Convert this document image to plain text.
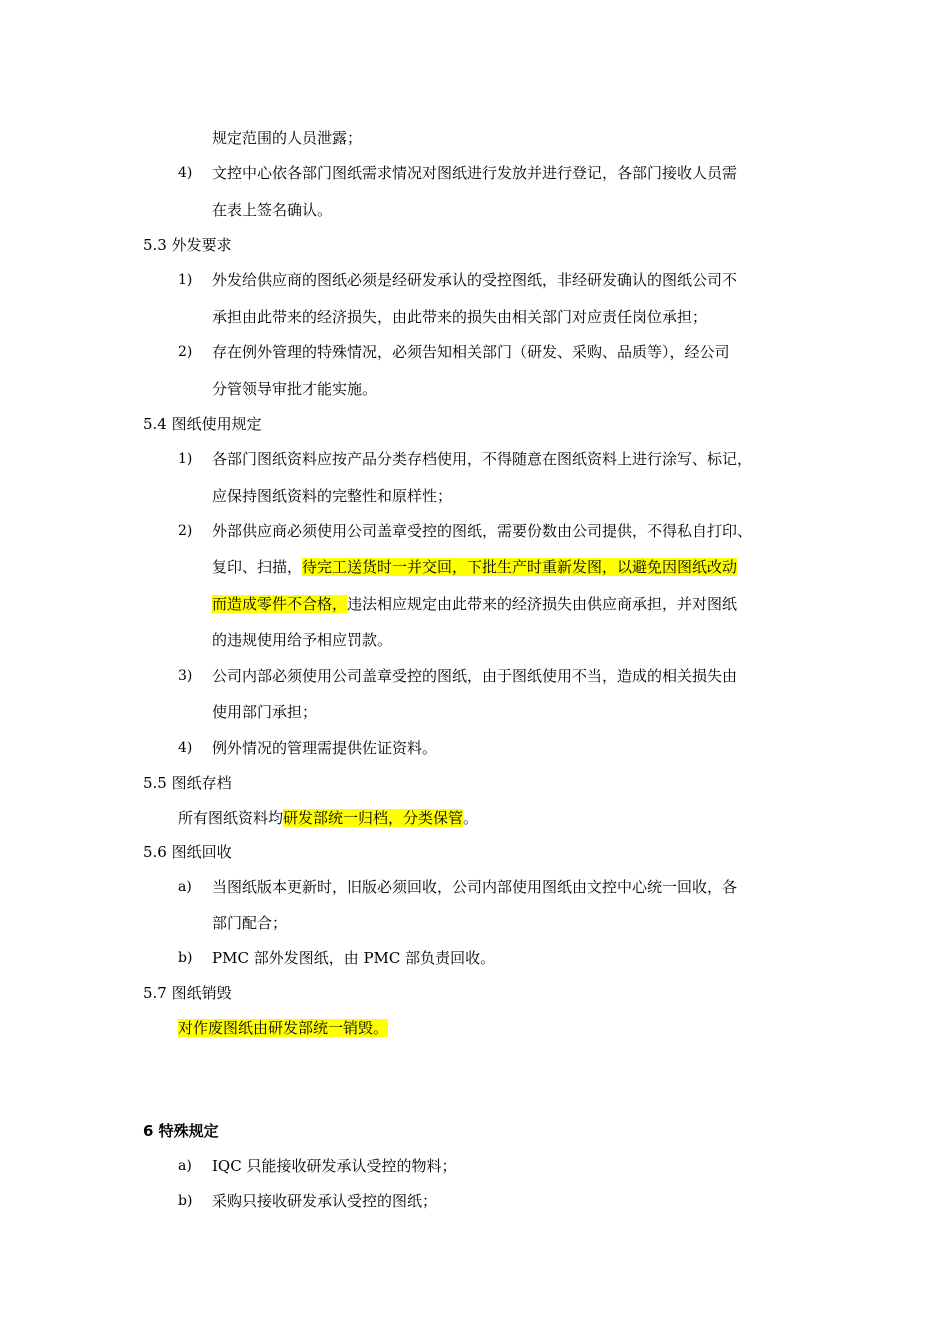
规定范围的人员泄露；
4) 文控中心依各部门图纸需求情况对图纸进行发放并进行登记，各部门接收人员需
在表上签名确认。
5.3 外发要求
1) 外发给供应商的图纸必须是经研发承认的受控图纸，非经研发确认的图纸公司不
承担由此带来的经济损失，由此带来的损失由相关部门对应责任岗位承担；
2) 存在例外管理的特殊情况，必须告知相关部门（研发、采购、品质等），经公司
分管领导审批才能实施。
5.4 图纸使用规定
1) 各部门图纸资料应按产品分类存档使用，不得随意在图纸资料上进行涂写、标记，
应保持图纸资料的完整性和原样性；
2) 外部供应商必须使用公司盖章受控的图纸，需要份数由公司提供，不得私自打印、
复印、扫描，待完工送货时一并交回，下批生产时重新发图，以避免因图纸改动
而造成零件不合格，违法相应规定由此带来的经济损失由供应商承担，并对图纸
的违规使用给予相应罚款。
3) 公司内部必须使用公司盖章受控的图纸，由于图纸使用不当，造成的相关损失由
使用部门承担；
4) 例外情况的管理需提供佐证资料。
5.5 图纸存档
所有图纸资料均研发部统一归档，分类保管。
5.6 图纸回收
a) 当图纸版本更新时，旧版必须回收，公司内部使用图纸由文控中心统一回收，各
部门配合；
b) PMC 部外发图纸，由 PMC 部负责回收。
5.7 图纸销毁
对作废图纸由研发部统一销毁。
6 特殊规定
a) IQC 只能接收研发承认受控的物料；
b) 采购只接收研发承认受控的图纸；
